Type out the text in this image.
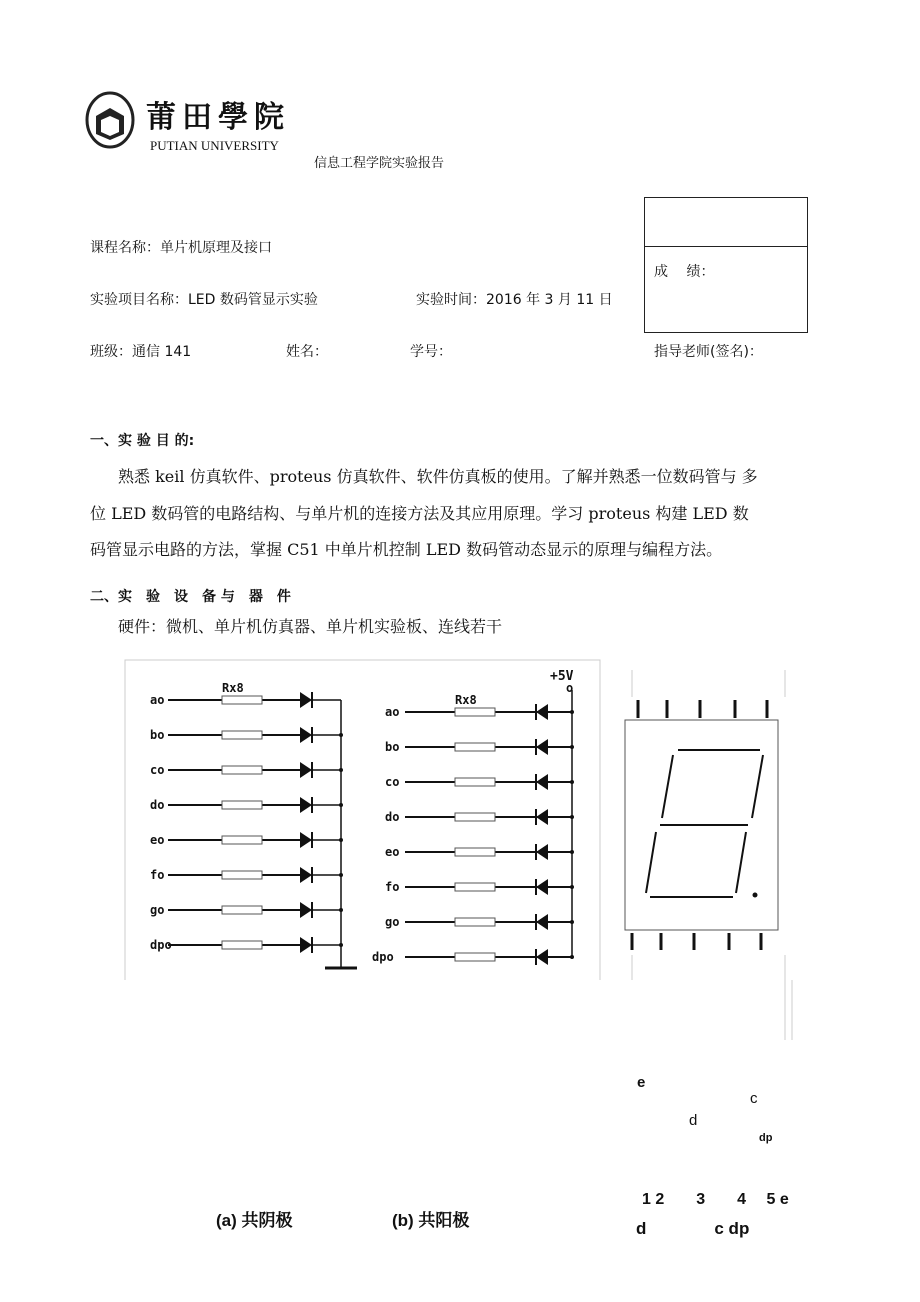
莆田學院
PUTIAN UNIVERSITY
信息工程学院实验报告
成　 绩：
课程名称：单片机原理及接口
实验项目名称：LED 数码管显示实验	实验时间：2016 年 3 月 11 日
班级：通信 141	姓名：	学号：	指导老师(签名)：
一、实 验 目 的:
熟悉 keil 仿真软件、proteus 仿真软件、软件仿真板的使用。了解并熟悉一位数码管与 多
位 LED 数码管的电路结构、与单片机的连接方法及其应用原理。学习 proteus 构建 LED 数
码管显示电路的方法，掌握 C51 中单片机控制 LED 数码管动态显示的原理与编程方法。
二、实　验　设　备 与　器　件
硬件：微机、单片机仿真器、单片机实验板、连线若干
ao
bo
co
do
eo
fo
go
dpo
Rx8
ao
bo
co
do
eo
fo
go
dpo
+5V
o
Rx8
(a) 共阴极	(b) 共阳极
e
c
d
dp
1 2　　3　　4　 5 e
d　　　　c dp
